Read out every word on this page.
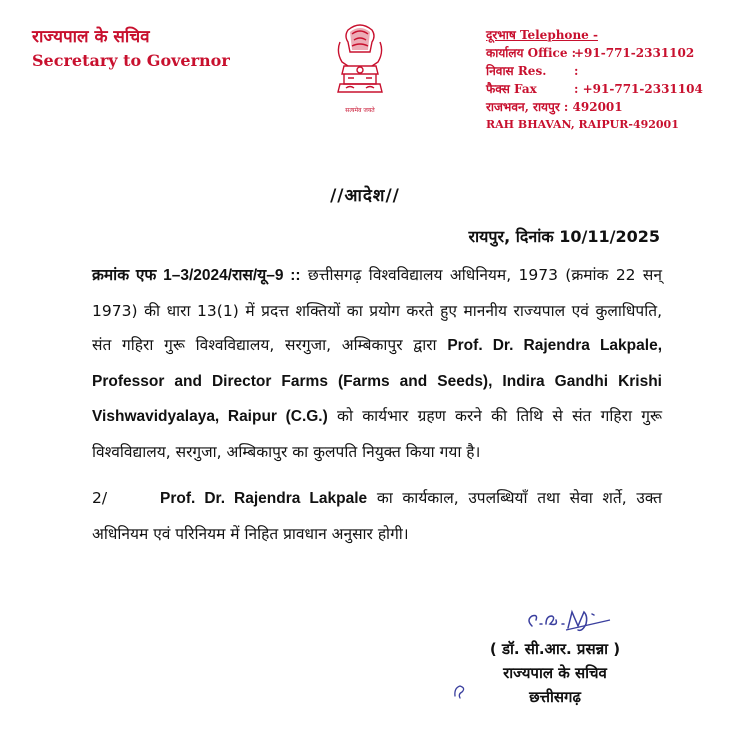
राज्यपाल के सचिव
Secretary to Governor
सत्यमेव जयते
दूरभाष Telephone -
कार्यालय Office :+91-771-2331102
निवास Res. :
फैक्स Fax	: +91-771-2331104
राजभवन, रायपुर : 492001
RAH BHAVAN, RAIPUR-492001
//आदेश//
रायपुर, दिनांक 10/11/2025
क्रमांक एफ 1–3/2024/रास/यू–9 :: छत्तीसगढ़ विश्वविद्यालय अधिनियम, 1973 (क्रमांक 22 सन् 1973) की धारा 13(1) में प्रदत्त शक्तियों का प्रयोग करते हुए माननीय राज्यपाल एवं कुलाधिपति, संत गहिरा गुरू विश्वविद्यालय, सरगुजा, अम्बिकापुर द्वारा Prof. Dr. Rajendra Lakpale, Professor and Director Farms (Farms and Seeds), Indira Gandhi Krishi Vishwavidyalaya, Raipur (C.G.) को कार्यभार ग्रहण करने की तिथि से संत गहिरा गुरू विश्वविद्यालय, सरगुजा, अम्बिकापुर का कुलपति नियुक्त किया गया है।
2/	Prof. Dr. Rajendra Lakpale का कार्यकाल, उपलब्धियाँ तथा सेवा शर्ते, उक्त अधिनियम एवं परिनियम में निहित प्रावधान अनुसार होगी।
( डॉ. सी.आर. प्रसन्ना )
राज्यपाल के सचिव
छत्तीसगढ़
